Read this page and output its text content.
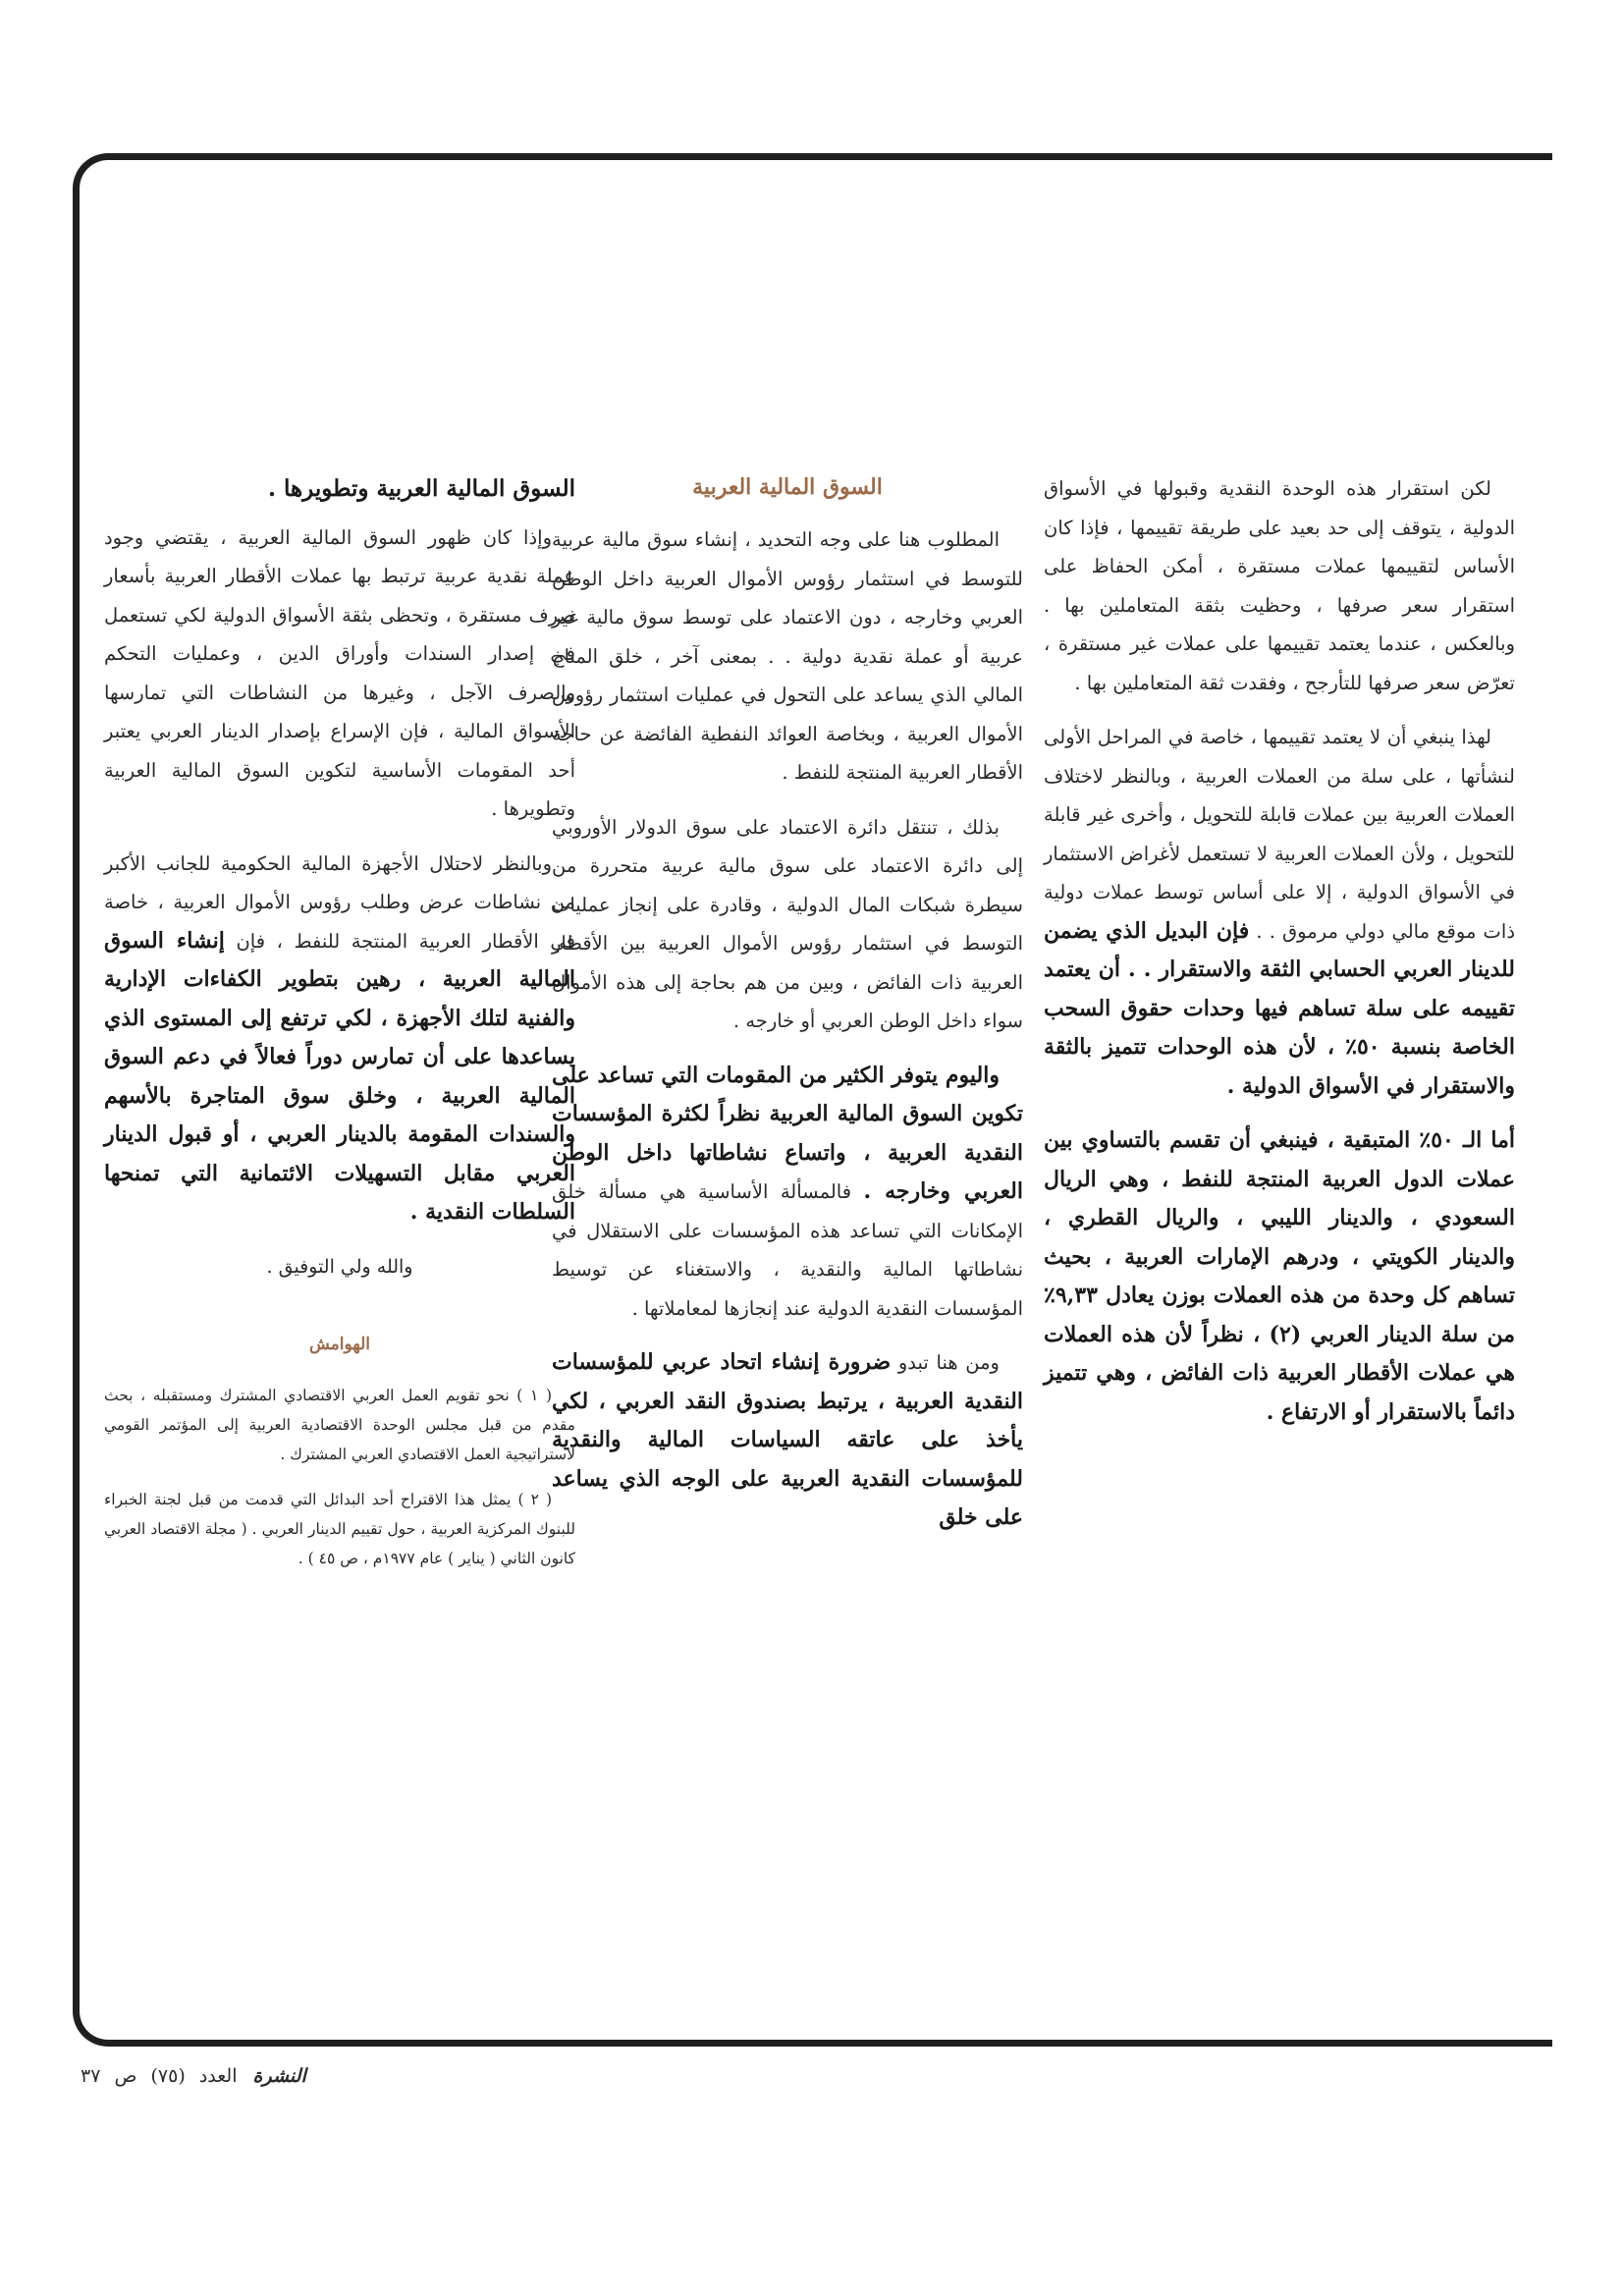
لكن استقرار هذه الوحدة النقدية وقبولها في الأسواق الدولية ، يتوقف إلى حد بعيد على طريقة تقييمها ، فإذا كان الأساس لتقييمها عملات مستقرة ، أمكن الحفاظ على استقرار سعر صرفها ، وحظيت بثقة المتعاملين بها . وبالعكس ، عندما يعتمد تقييمها على عملات غير مستقرة ، تعرّض سعر صرفها للتأرجح ، وفقدت ثقة المتعاملين بها .

لهذا ينبغي أن لا يعتمد تقييمها ، خاصة في المراحل الأولى لنشأتها ، على سلة من العملات العربية ، وبالنظر لاختلاف العملات العربية بين عملات قابلة للتحويل ، وأخرى غير قابلة للتحويل ، ولأن العملات العربية لا تستعمل لأغراض الاستثمار في الأسواق الدولية ، إلا على أساس توسط عملات دولية ذات موقع مالي دولي مرموق . . فإن البديل الذي يضمن للدينار العربي الحسابي الثقة والاستقرار . . أن يعتمد تقييمه على سلة تساهم فيها وحدات حقوق السحب الخاصة بنسبة ٥٠٪ ، لأن هذه الوحدات تتميز بالثقة والاستقرار في الأسواق الدولية .

أما الـ ٥٠٪ المتبقية ، فينبغي أن تقسم بالتساوي بين عملات الدول العربية المنتجة للنفط ، وهي الريال السعودي ، والدينار الليبي ، والريال القطري ، والدينار الكويتي ، ودرهم الإمارات العربية ، بحيث تساهم كل وحدة من هذه العملات بوزن يعادل ٩,٣٣٪ من سلة الدينار العربي (٢) ، نظراً لأن هذه العملات هي عملات الأقطار العربية ذات الفائض ، وهي تتميز دائماً بالاستقرار أو الارتفاع .

السوق المالية العربية

المطلوب هنا على وجه التحديد ، إنشاء سوق مالية عربية للتوسط في استثمار رؤوس الأموال العربية داخل الوطن العربي وخارجه ، دون الاعتماد على توسط سوق مالية غير عربية أو عملة نقدية دولية . . بمعنى آخر ، خلق المناخ المالي الذي يساعد على التحول في عمليات استثمار رؤوس الأموال العربية ، وبخاصة العوائد النفطية الفائضة عن حاجة الأقطار العربية المنتجة للنفط .

بذلك ، تنتقل دائرة الاعتماد على سوق الدولار الأوروبي إلى دائرة الاعتماد على سوق مالية عربية متحررة من سيطرة شبكات المال الدولية ، وقادرة على إنجاز عمليات التوسط في استثمار رؤوس الأموال العربية بين الأقطار العربية ذات الفائض ، وبين من هم بحاجة إلى هذه الأموال سواء داخل الوطن العربي أو خارجه .

واليوم يتوفر الكثير من المقومات التي تساعد على تكوين السوق المالية العربية نظراً لكثرة المؤسسات النقدية العربية ، واتساع نشاطاتها داخل الوطن العربي وخارجه . فالمسألة الأساسية هي مسألة خلق الإمكانات التي تساعد هذه المؤسسات على الاستقلال في نشاطاتها المالية والنقدية ، والاستغناء عن توسيط المؤسسات النقدية الدولية عند إنجازها لمعاملاتها .

ومن هنا تبدو ضرورة إنشاء اتحاد عربي للمؤسسات النقدية العربية ، يرتبط بصندوق النقد العربي ، لكي يأخذ على عاتقه السياسات المالية والنقدية للمؤسسات النقدية العربية على الوجه الذي يساعد على خلق

السوق المالية العربية وتطويرها .

وإذا كان ظهور السوق المالية العربية ، يقتضي وجود عملة نقدية عربية ترتبط بها عملات الأقطار العربية بأسعار صرف مستقرة ، وتحظى بثقة الأسواق الدولية لكي تستعمل في إصدار السندات وأوراق الدين ، وعمليات التحكم والصرف الآجل ، وغيرها من النشاطات التي تمارسها الأسواق المالية ، فإن الإسراع بإصدار الدينار العربي يعتبر أحد المقومات الأساسية لتكوين السوق المالية العربية وتطويرها .

وبالنظر لاحتلال الأجهزة المالية الحكومية للجانب الأكبر من نشاطات عرض وطلب رؤوس الأموال العربية ، خاصة في الأقطار العربية المنتجة للنفط ، فإن إنشاء السوق المالية العربية ، رهين بتطوير الكفاءات الإدارية والفنية لتلك الأجهزة ، لكي ترتفع إلى المستوى الذي يساعدها على أن تمارس دوراً فعالاً في دعم السوق المالية العربية ، وخلق سوق المتاجرة بالأسهم والسندات المقومة بالدينار العربي ، أو قبول الدينار العربي مقابل التسهيلات الائتمانية التي تمنحها السلطات النقدية .

والله ولي التوفيق .
الهوامش

( ١ ) نحو تقويم العمل العربي الاقتصادي المشترك ومستقبله ، بحث مقدم من قبل مجلس الوحدة الاقتصادية العربية إلى المؤتمر القومي لاستراتيجية العمل الاقتصادي العربي المشترك .

( ٢ ) يمثل هذا الاقتراح أحد البدائل التي قدمت من قبل لجنة الخبراء للبنوك المركزية العربية ، حول تقييم الدينار العربي . ( مجلة الاقتصاد العربي كانون الثاني ( يناير ) عام ١٩٧٧م ، ص ٤٥ ) .

النشرة العدد (٧٥) ص ٣٧
